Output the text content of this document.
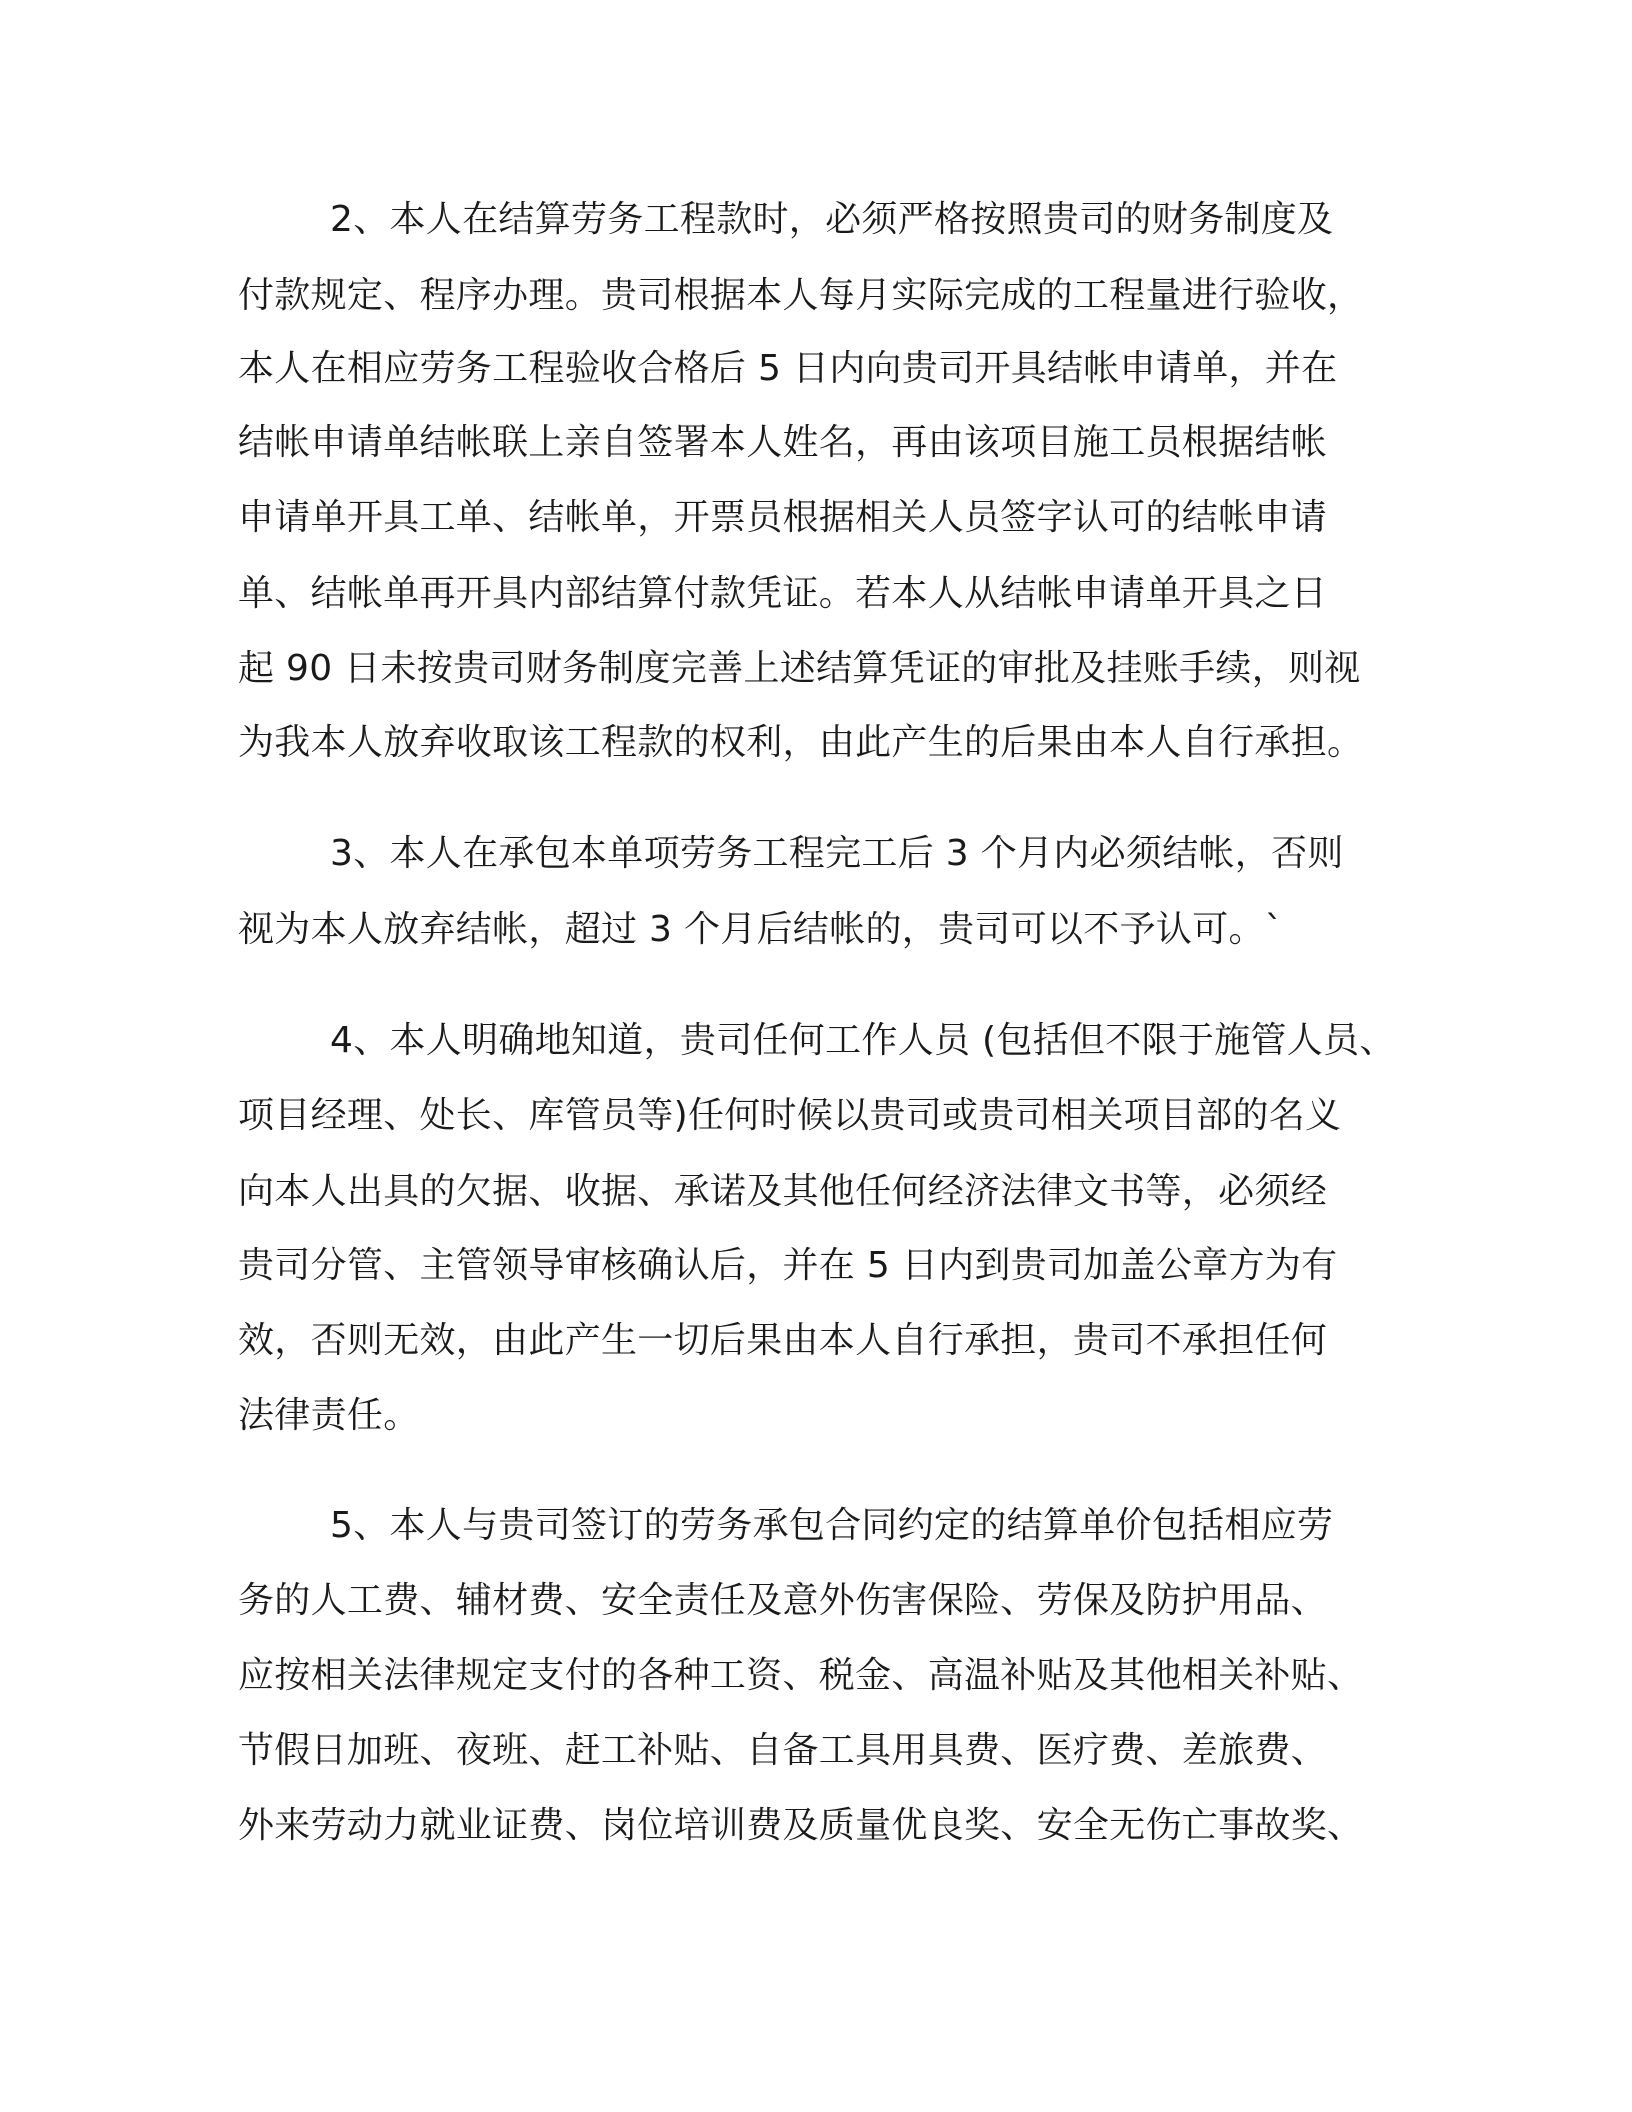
2、本人在结算劳务工程款时，必须严格按照贵司的财务制度及
付款规定、程序办理。贵司根据本人每月实际完成的工程量进行验收，
本人在相应劳务工程验收合格后 5 日内向贵司开具结帐申请单，并在
结帐申请单结帐联上亲自签署本人姓名，再由该项目施工员根据结帐
申请单开具工单、结帐单，开票员根据相关人员签字认可的结帐申请
单、结帐单再开具内部结算付款凭证。若本人从结帐申请单开具之日
起 90 日未按贵司财务制度完善上述结算凭证的审批及挂账手续，则视
为我本人放弃收取该工程款的权利，由此产生的后果由本人自行承担。
3、本人在承包本单项劳务工程完工后 3 个月内必须结帐，否则
视为本人放弃结帐，超过 3 个月后结帐的，贵司可以不予认可。`
4、本人明确地知道，贵司任何工作人员 (包括但不限于施管人员、
项目经理、处长、库管员等)任何时候以贵司或贵司相关项目部的名义
向本人出具的欠据、收据、承诺及其他任何经济法律文书等，必须经
贵司分管、主管领导审核确认后，并在 5 日内到贵司加盖公章方为有
效，否则无效，由此产生一切后果由本人自行承担，贵司不承担任何
法律责任。
5、本人与贵司签订的劳务承包合同约定的结算单价包括相应劳
务的人工费、辅材费、安全责任及意外伤害保险、劳保及防护用品、
应按相关法律规定支付的各种工资、税金、高温补贴及其他相关补贴、
节假日加班、夜班、赶工补贴、自备工具用具费、医疗费、差旅费、
外来劳动力就业证费、岗位培训费及质量优良奖、安全无伤亡事故奖、
